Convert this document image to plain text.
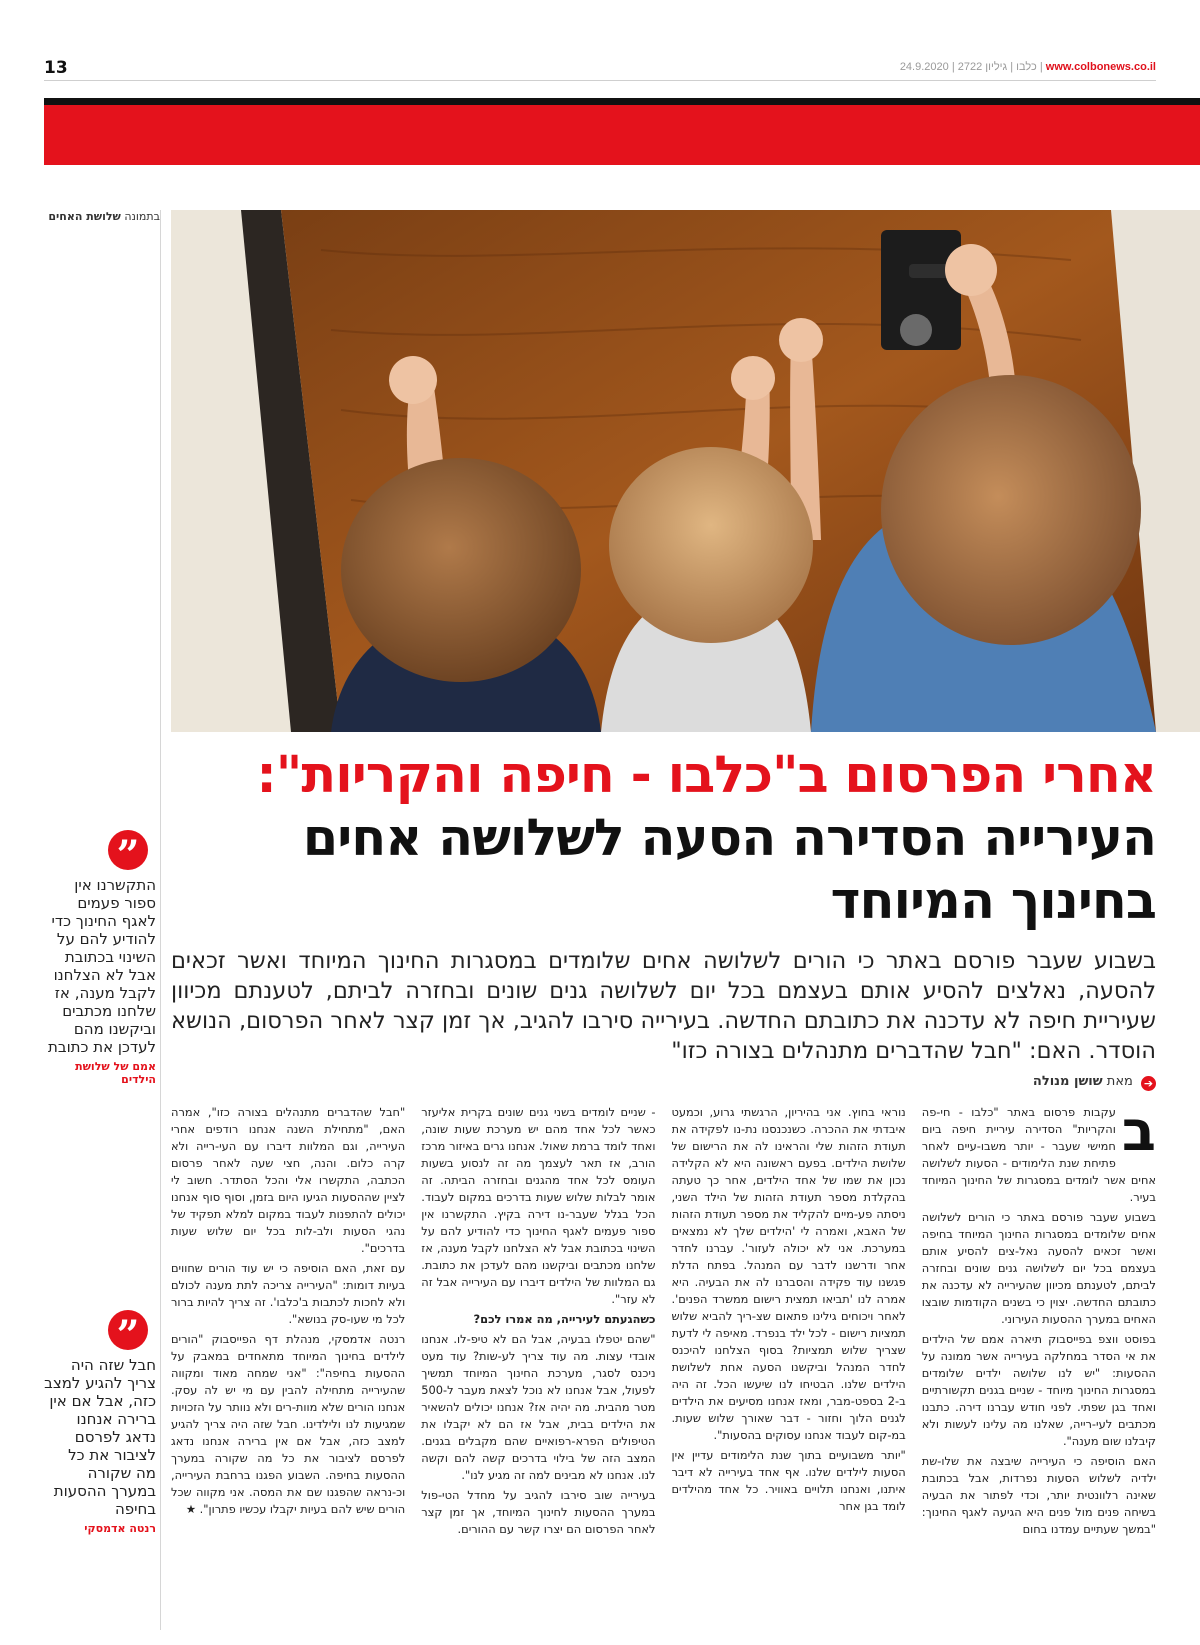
13	www.colbonews.co.il | כלבו | גיליון 2722 | 24.9.2020
בתמונה שלושת האחים
”
התקשרנו אין ספור פעמים לאגף החינוך כדי להודיע להם על השינוי בכתובת אבל לא הצלחנו לקבל מענה, אז שלחנו מכתבים וביקשנו מהם לעדכן את כתובת
אמם של שלושת הילדים
”
חבל שזה היה צריך להגיע למצב כזה, אבל אם אין ברירה אנחנו נדאג לפרסם לציבור את כל מה שקורה במערך ההסעות בחיפה
רנטה אדמסקי
אחרי הפרסום ב"כלבו - חיפה והקריות": העירייה הסדירה הסעה לשלושה אחים בחינוך המיוחד
בשבוע שעבר פורסם באתר כי הורים לשלושה אחים שלומדים במסגרות החינוך המיוחד ואשר זכאים להסעה, נאלצים להסיע אותם בעצמם בכל יום לשלושה גנים שונים ובחזרה לביתם, לטענתם מכיוון שעיריית חיפה לא עדכנה את כתובתם החדשה. בעירייה סירבו להגיב, אך זמן קצר לאחר הפרסום, הנושא הוסדר. האם: "חבל שהדברים מתנהלים בצורה כזו"
➔ מאת שושן מנולה
ב

עקבות פרסום באתר "כלבו - חי-פה והקריות" הסדירה עיריית חיפה ביום חמישי שעבר - יותר משבו-עיים לאחר פתיחת שנת הלימודים - הסעות לשלושה אחים אשר לומדים במסגרות של החינוך המיוחד בעיר.

בשבוע שעבר פורסם באתר כי הורים לשלושה אחים שלומדים במסגרות החינוך המיוחד בחיפה ואשר זכאים להסעה נאל-צים להסיע אותם בעצמם בכל יום לשלושה גנים שונים ובחזרה לביתם, לטענתם מכיוון שהעירייה לא עדכנה את כתובתם החדשה. יצוין כי בשנים הקודמות שובצו האחים במערך ההסעות העירוני.

בפוסט ווצפ בפייסבוק תיארה אמם של הילדים את אי הסדר במחלקה בעירייה אשר ממונה על ההסעות: "יש לנו שלושה ילדים שלומדים במסגרות החינוך מיוחד - שניים בגנים תקשורתיים ואחד בגן שפתי. לפני חודש עברנו דירה. כתבנו מכתבים לעי-רייה, שאלנו מה עלינו לעשות ולא קיבלנו שום מענה".

האם הוסיפה כי העירייה שיבצה את שלו-שת ילדיה לשלוש הסעות נפרדות, אבל בכתובת שאינה רלוונטית יותר, וכדי לפתור את הבעיה בשיחה פנים מול פנים היא הגיעה לאגף החינוך: "במשך שעתיים עמדנו בחום

נוראי בחוץ. אני בהיריון, הרגשתי גרוע, וכמעט איבדתי את ההכרה. כשנכנסנו נת-נו לפקידה את תעודת הזהות שלי והראינו לה את הרישום של שלושת הילדים. בפעם ראשונה היא לא הקלידה נכון את שמו של אחד הילדים, אחר כך טעתה בהקלדת מספר תעודת הזהות של הילד השני, ניסתה פע-מיים להקליד את מספר תעודת הזהות של האבא, ואמרה לי 'הילדים שלך לא נמצאים במערכת. אני לא יכולה לעזור'. עברנו לחדר אחר ודרשנו לדבר עם המנהל. בפתח הדלת פגשנו עוד פקידה והסברנו לה את הבעיה. היא אמרה לנו 'תביאו תמצית רישום ממשרד הפנים'. לאחר ויכוחים גילינו פתאום שצ-ריך להביא שלוש תמציות רישום - לכל ילד בנפרד. מאיפה לי לדעת שצריך שלוש תמציות? בסוף הצלחנו להיכנס לחדר המנהל וביקשנו הסעה אחת לשלושת הילדים שלנו. הבטיחו לנו שיעשו הכל. זה היה ב-2 בספט-מבר, ומאז אנחנו מסיעים את הילדים לגנים הלוך וחזור - דבר שאורך שלוש שעות. במ-קום לעבוד אנחנו עסוקים בהסעות".

"יותר משבועיים בתוך שנת הלימודים עדיין אין הסעות לילדים שלנו. אף אחד בעירייה לא דיבר איתנו, ואנחנו תלויים באוויר. כל אחד מהילדים לומד בגן אחר

- שניים לומדים בשני גנים שונים בקרית אליעזר כאשר לכל אחד מהם יש מערכת שעות שונה, ואחד לומד ברמת שאול. אנחנו גרים באיזור מרכז הורב, אז תאר לעצמך מה זה לנסוע בשעות העומס לכל אחד מהגנים ובחזרה הביתה. זה אומר לבלות שלוש שעות בדרכים במקום לעבוד. הכל בגלל שעבר-נו דירה בקיץ. התקשרנו אין ספור פעמים לאגף החינוך כדי להודיע להם על השינוי בכתובת אבל לא הצלחנו לקבל מענה, אז שלחנו מכתבים וביקשנו מהם לעדכן את כתובת. גם המלוות של הילדים דיברו עם העירייה אבל זה לא עזר".

כשהגעתם לעירייה, מה אמרו לכם?

"שהם יטפלו בבעיה, אבל הם לא טיפ-לו. אנחנו אובדי עצות. מה עוד צריך לע-שות? עוד מעט ניכנס לסגר, מערכת החינוך המיוחד תמשיך לפעול, אבל אנחנו לא נוכל לצאת מעבר ל-500 מטר מהבית. מה יהיה אז? אנחנו יכולים להשאיר את הילדים בבית, אבל אז הם לא יקבלו את הטיפולים הפרא-רפואיים שהם מקבלים בגנים. המצב הזה של בילוי בדרכים קשה להם וקשה לנו. אנחנו לא מבינים למה זה מגיע לנו".

בעירייה שוב סירבו להגיב על מחדל הטי-פול במערך ההסעות לחינוך המיוחד, אך זמן קצר לאחר הפרסום הם יצרו קשר עם ההורים.

"חבל שהדברים מתנהלים בצורה כזו", אמרה האם, "מתחילת השנה אנחנו רודפים אחרי העירייה, וגם המלוות דיברו עם העי-רייה ולא קרה כלום. והנה, חצי שעה לאחר פרסום הכתבה, התקשרו אלי והכל הסתדר. חשוב לי לציין שההסעות הגיעו היום בזמן, וסוף סוף אנחנו יכולים להתפנות לעבוד במקום למלא תפקיד של נהגי הסעות ולב-לות בכל יום שלוש שעות בדרכים".

עם זאת, האם הוסיפה כי יש עוד הורים שחווים בעיות דומות: "העירייה צריכה לתת מענה לכולם ולא לחכות לכתבות ב'כלבו'. זה צריך להיות ברור לכל מי שעו-סק בנושא".

רנטה אדמסקי, מנהלת דף הפייסבוק "הורים לילדים בחינוך המיוחד מתאחדים במאבק על ההסעות בחיפה": "אני שמחה מאוד ומקווה שהעירייה מתחילה להבין עם מי יש לה עסק. אנחנו הורים שלא מוות-רים ולא נוותר על הזכויות שמגיעות לנו ולילדינו. חבל שזה היה צריך להגיע למצב כזה, אבל אם אין ברירה אנחנו נדאג לפרסם לציבור את כל מה שקורה במערך ההסעות בחיפה. השבוע הפגנו ברחבת העירייה, וכ-נראה שהפגנו שם את המסה. אני מקווה שכל הורים שיש להם בעיות יקבלו עכשיו פתרון". ★
